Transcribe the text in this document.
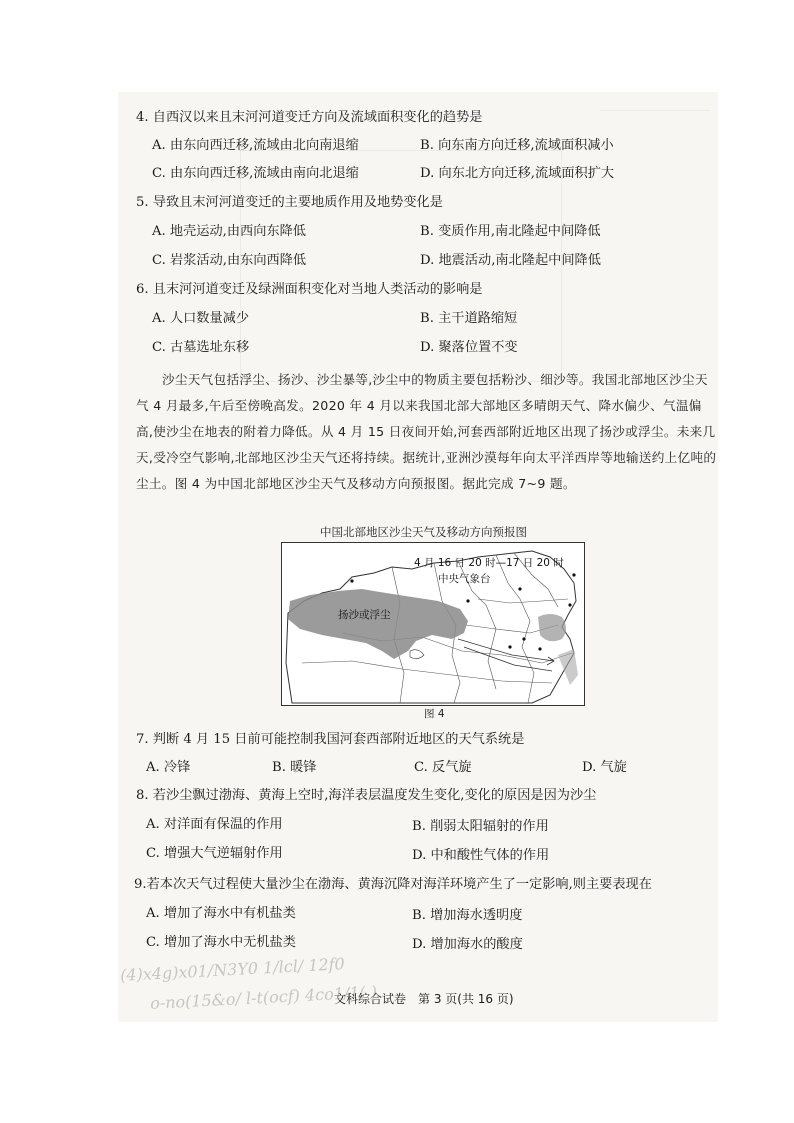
4. 自西汉以来且末河河道变迁方向及流域面积变化的趋势是
A. 由东向西迁移,流域由北向南退缩	B. 向东南方向迁移,流域面积减小
C. 由东向西迁移,流域由南向北退缩	D. 向东北方向迁移,流域面积扩大
5. 导致且末河河道变迁的主要地质作用及地势变化是
A. 地壳运动,由西向东降低	B. 变质作用,南北隆起中间降低
C. 岩浆活动,由东向西降低	D. 地震活动,南北隆起中间降低
6. 且末河河道变迁及绿洲面积变化对当地人类活动的影响是
A. 人口数量减少	B. 主干道路缩短
C. 古墓选址东移	D. 聚落位置不变
沙尘天气包括浮尘、扬沙、沙尘暴等,沙尘中的物质主要包括粉沙、细沙等。我国北部地区沙尘天气 4 月最多,午后至傍晚高发。2020 年 4 月以来我国北部大部地区多晴朗天气、降水偏少、气温偏高,使沙尘在地表的附着力降低。从 4 月 15 日夜间开始,河套西部附近地区出现了扬沙或浮尘。未来几天,受冷空气影响,北部地区沙尘天气还将持续。据统计,亚洲沙漠每年向太平洋西岸等地输送约上亿吨的尘土。图 4 为中国北部地区沙尘天气及移动方向预报图。据此完成 7~9 题。
中国北部地区沙尘天气及移动方向预报图
4 月 16 日 20 时—17 日 20 时
中央气象台
扬沙或浮尘
图 4
7. 判断 4 月 15 日前可能控制我国河套西部附近地区的天气系统是
A. 冷锋	B. 暖锋	C. 反气旋	D. 气旋
8. 若沙尘飘过渤海、黄海上空时,海洋表层温度发生变化,变化的原因是因为沙尘
A. 对洋面有保温的作用	B. 削弱太阳辐射的作用
C. 增强大气逆辐射作用	D. 中和酸性气体的作用
9.若本次天气过程使大量沙尘在渤海、黄海沉降对海洋环境产生了一定影响,则主要表现在
A. 增加了海水中有机盐类	B. 增加海水透明度
C. 增加了海水中无机盐类	D. 增加海水的酸度
(4)x4g)x01/N3Y0 1/lcl/ 12f0
o-no(15&o/ l-t(ocf) 4co1/1( )
文科综合试卷　第 3 页(共 16 页)
